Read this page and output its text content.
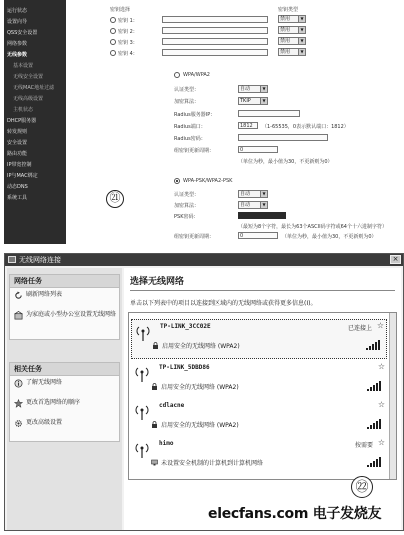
运行状态
设置向导
QSS安全设置
网络参数
无线参数
基本设置
无线安全设置
无线MAC地址过滤
无线高级设置
主机状态
DHCP服务器
转发规则
安全设置
路由功能
IP带宽控制
IP与MAC绑定
动态DNS
系统工具
密钥选择	密钥类型
密钥 1：	禁用	▼
密钥 2：	禁用	▼
密钥 3：	禁用	▼
密钥 4：	禁用	▼
WPA/WPA2
认证类型：	自动	▼
加密算法：	TKIP	▼
Radius服务器IP：
Radius端口：	1812 （1-65535，0表示默认端口：1812）
Radius密码：
组密钥更新周期：	0
（单位为秒，最小值为30，不更新则为0）
WPA-PSK/WPA2-PSK
认证类型：	自动	▼
加密算法：	自动	▼
PSK密码：
（最短为8个字符，最长为63个ASCII码字符或64个十六进制字符）
组密钥更新周期：	0	（单位为秒，最小值为30，不更新则为0）
㉑
无线网络连接	×
网络任务
刷新网络列表
为家庭或小型办公室设置无线网络
相关任务
了解无线网络
更改首选网络的顺序
更改高级设置
选择无线网络
单击以下列表中的项目以连接到区域内的无线网络或获得更多信息(I)。
TP-LINK_3CC02E
启用安全的无线网络 (WPA2)
已连接上 ☆
TP-LINK_5DBD86
启用安全的无线网络 (WPA2)
☆
cdlacne
启用安全的无线网络 (WPA2)
☆
himo
未设置安全机制的计算机到计算机网络
按需要 ☆
㉒
elecfans.com 电子发烧友
